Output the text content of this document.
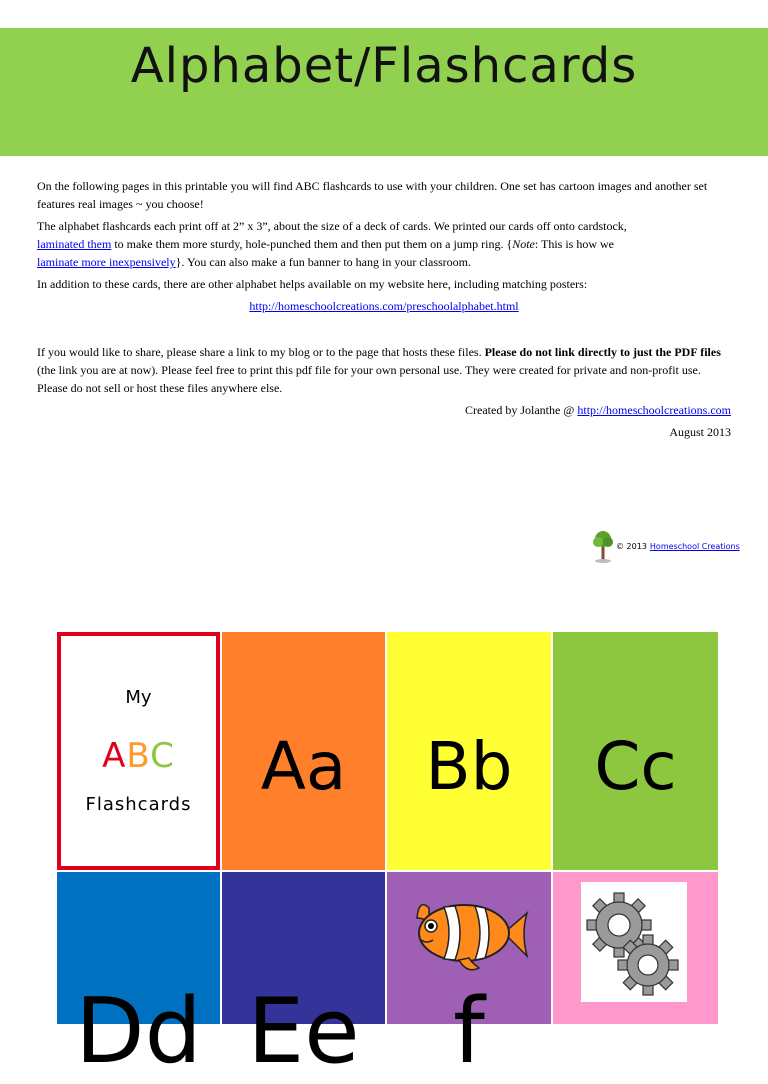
Alphabet/Flashcards

On the following pages in this printable you will find ABC flashcards to use with your children. One set has cartoon images and another set features real images ~ you choose!

The alphabet flashcards each print off at 2” x 3”, about the size of a deck of cards. We printed our cards off onto cardstock,
laminated them to make them more sturdy, hole-punched them and then put them on a jump ring. {Note: This is how we
laminate more inexpensively}. You can also make a fun banner to hang in your classroom.

In addition to these cards, there are other alphabet helps available on my website here, including matching posters:

http://homeschoolcreations.com/preschoolalphabet.html

If you would like to share, please share a link to my blog or to the page that hosts these files. Please do not link directly to just the PDF files (the link you are at now). Please feel free to print this pdf file for your own personal use. They were created for private and non-profit use. Please do not sell or host these files anywhere else.

Created by Jolanthe @ http://homeschoolcreations.com

August 2013

© 2013 Homeschool Creations
My
ABC
Flashcards Aa Bb Cc
Dd Ee	f
